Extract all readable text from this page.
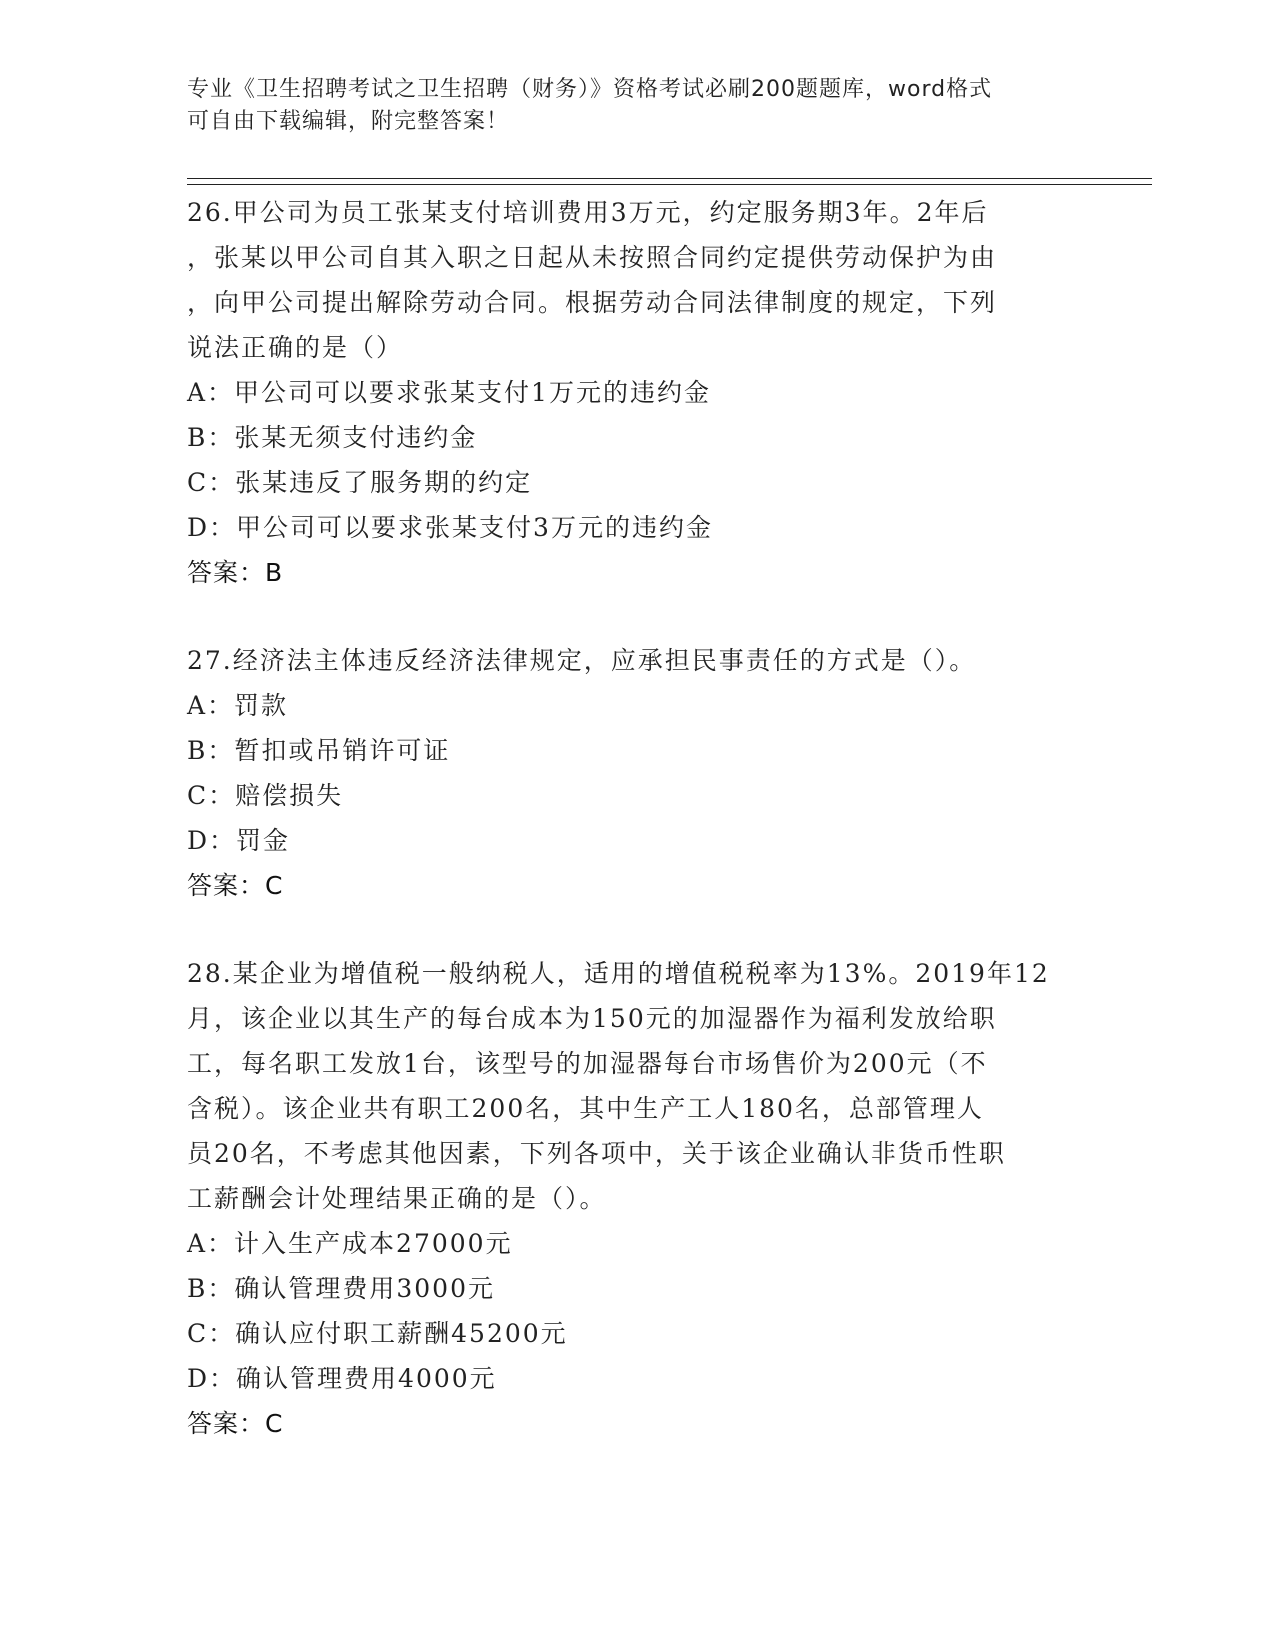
专业《卫生招聘考试之卫生招聘（财务）》资格考试必刷200题题库，word格式
可自由下载编辑，附完整答案！
26.甲公司为员工张某支付培训费用3万元，约定服务期3年。2年后
，张某以甲公司自其入职之日起从未按照合同约定提供劳动保护为由
，向甲公司提出解除劳动合同。根据劳动合同法律制度的规定，下列
说法正确的是（）
A：甲公司可以要求张某支付1万元的违约金
B：张某无须支付违约金
C：张某违反了服务期的约定
D：甲公司可以要求张某支付3万元的违约金
答案：B
27.经济法主体违反经济法律规定，应承担民事责任的方式是（）。
A：罚款
B：暂扣或吊销许可证
C：赔偿损失
D：罚金
答案：C
28.某企业为增值税一般纳税人，适用的增值税税率为13%。2019年12
月，该企业以其生产的每台成本为150元的加湿器作为福利发放给职
工，每名职工发放1台，该型号的加湿器每台市场售价为200元（不
含税）。该企业共有职工200名，其中生产工人180名，总部管理人
员20名，不考虑其他因素，下列各项中，关于该企业确认非货币性职
工薪酬会计处理结果正确的是（）。
A：计入生产成本27000元
B：确认管理费用3000元
C：确认应付职工薪酬45200元
D：确认管理费用4000元
答案：C
